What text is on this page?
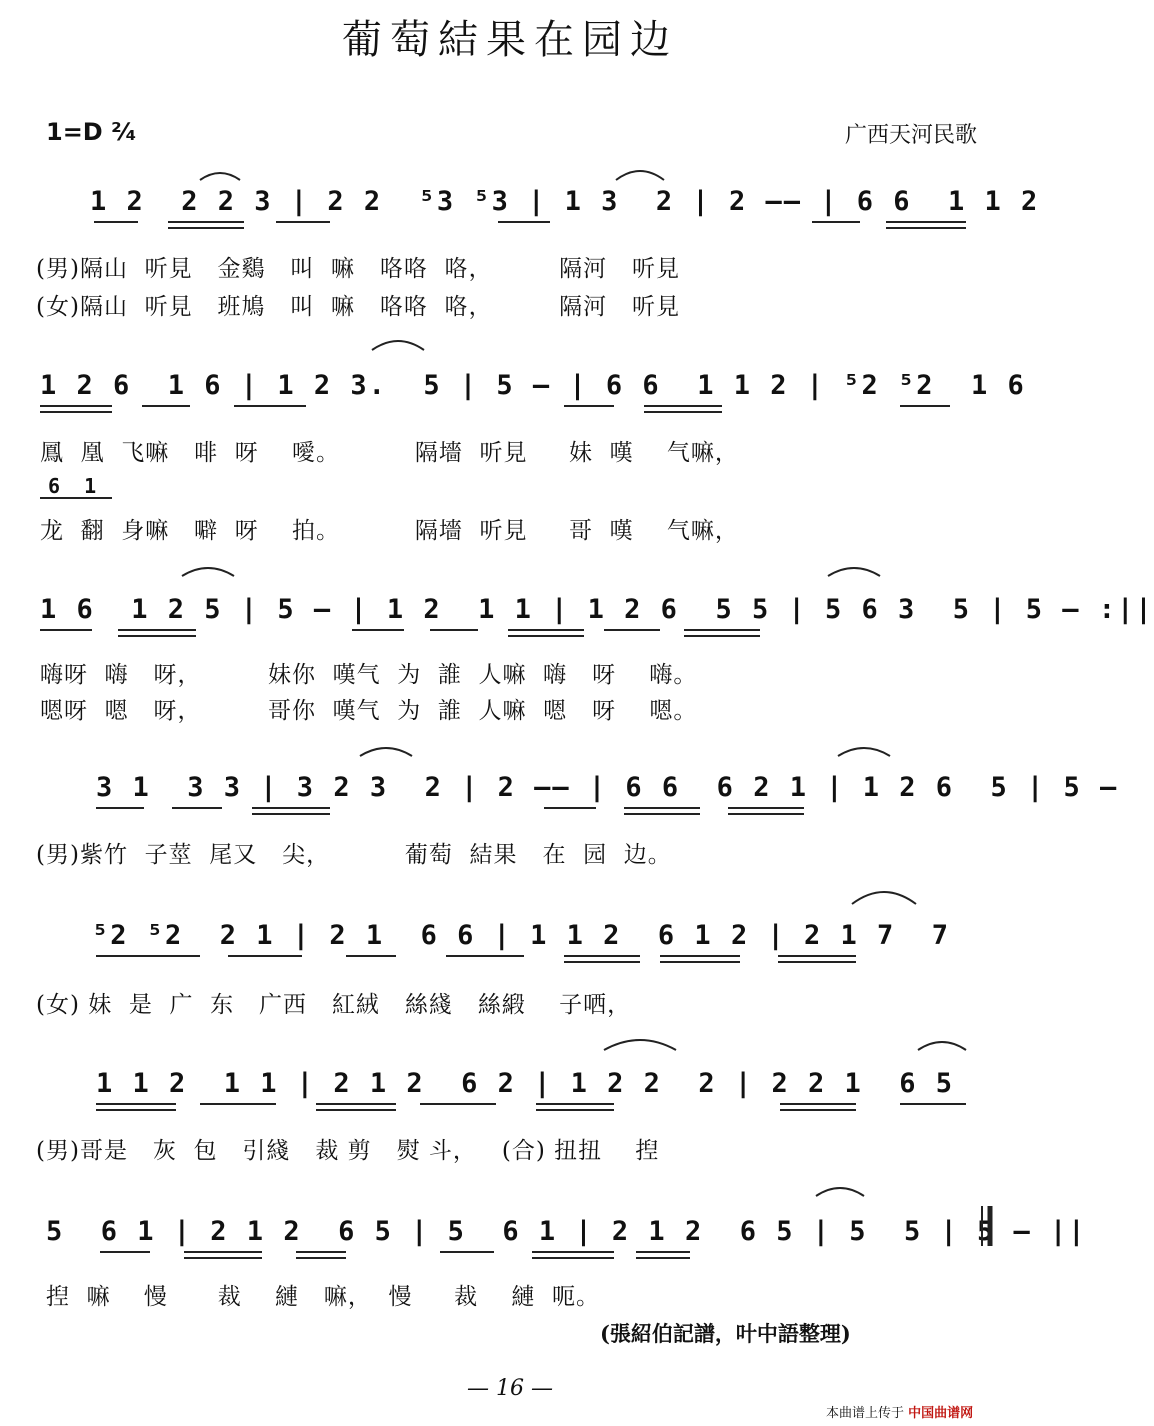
葡萄結果在园边
1=D ²⁄₄	广西天河民歌
1 2  2 2 3 | 2 2  ⁵3 ⁵3 | 1 3  2 | 2 —— | 6 6  1 1 2
(男)隔山  听見   金鷄   叫  嘛   咯咯  咯，        隔河   听見
(女)隔山  听見   班鳩   叫  嘛   咯咯  咯，        隔河   听見
1 2 6  1 6 | 1 2 3.  5 | 5 — | 6 6  1 1 2 | ⁵2 ⁵2  1 6
鳳  凰  飞嘛   啡  呀    噯。         隔墻  听見     妹  嘆    气嘛，
6  1
龙  翻  身嘛   噼  呀    拍。         隔墻  听見     哥  嘆    气嘛，
1 6  1 2 5 | 5 — | 1 2  1 1 | 1 2 6  5 5 | 5 6 3  5 | 5 — :||
嗨呀  嗨   呀，        妹你  嘆气  为  誰  人嘛  嗨   呀    嗨。
嗯呀  嗯   呀，        哥你  嘆气  为  誰  人嘛  嗯   呀    嗯。
3 1  3 3 | 3 2 3  2 | 2 —— | 6 6  6 2 1 | 1 2 6  5 | 5 —
(男)紫竹  子莖  尾又   尖，         葡萄  結果   在  园  边。
⁵2 ⁵2  2 1 | 2 1  6 6 | 1 1 2  6 1 2 | 2 1 7  7
(女) 妹  是  广  东   广西   紅絨   絲綫   絲緞    子哂，
1 1 2  1 1 | 2 1 2  6 2 | 1 2 2  2 | 2 2 1  6 5
(男)哥是   灰  包   引綫   裁 剪   熨 斗，   (合) 扭扭    揑
5  6 1 | 2 1 2  6 5 | 5  6 1 | 2 1 2  6 5 | 5  5 | 5 — ||
揑  嘛    慢      裁    縺   嘛，  慢     裁    縺  呃。
(張紹伯記譜，叶中語整理)
— 16 —
本曲谱上传于 中国曲谱网
